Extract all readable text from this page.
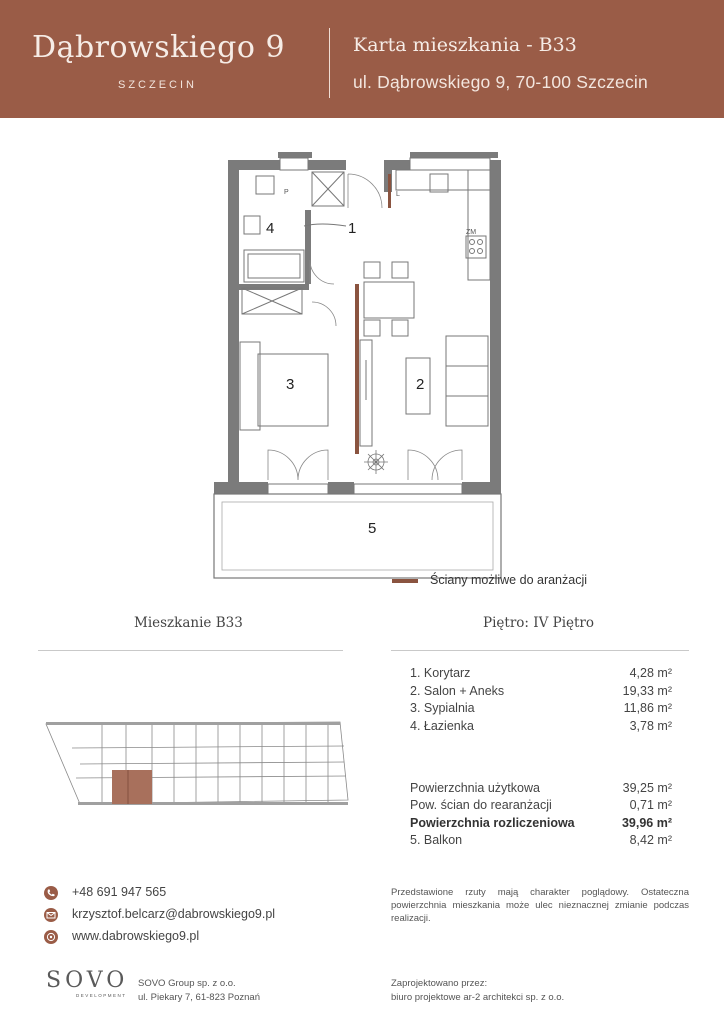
Dąbrowskiego 9
SZCZECIN
Karta mieszkania - B33
ul. Dąbrowskiego 9, 70-100 Szczecin
P	L
ZM
4	1
2
3
5
Ściany możliwe do aranżacji
Mieszkanie B33	Piętro: IV Piętro
1. Korytarz	4,28 m²
2. Salon + Aneks	19,33 m²
3. Sypialnia	11,86 m²
4. Łazienka	3,78 m²
Powierzchnia użytkowa	39,25 m²
Pow. ścian do rearanżacji	0,71 m²
Powierzchnia rozliczeniowa	39,96 m²
5. Balkon	8,42 m²
+48 691 947 565
krzysztof.belcarz@dabrowskiego9.pl
www.dabrowskiego9.pl
Przedstawione rzuty mają charakter poglądowy. Ostateczna powierzchnia mieszkania może ulec nieznacznej zmianie podczas realizacji.
SOVO
DEVELOPMENT
SOVO Group sp. z o.o.
ul. Piekary 7, 61-823 Poznań
Zaprojektowano przez:
biuro projektowe ar-2 architekci sp. z o.o.
